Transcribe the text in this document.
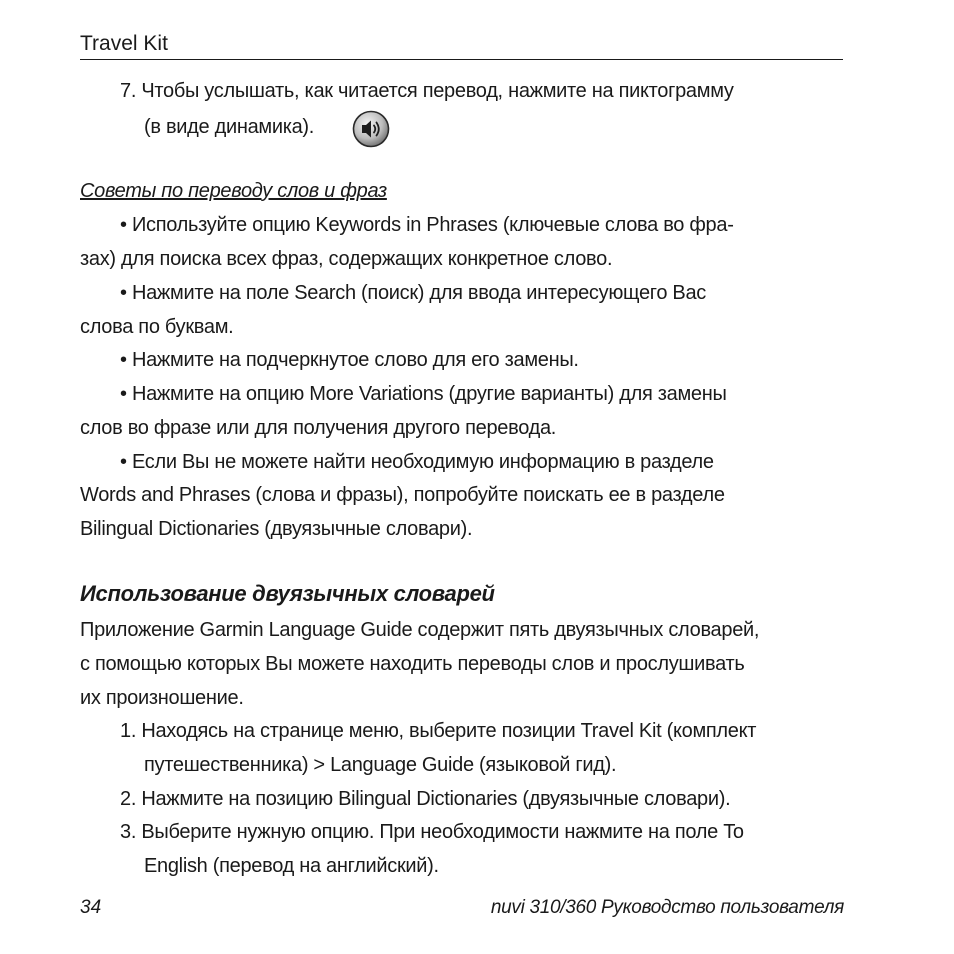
Travel Kit
7. Чтобы услышать, как читается перевод, нажмите на пиктограмму
(в виде динамика).
Советы по переводу слов и фраз
• Используйте опцию Keywords in Phrases (ключевые слова во фра-
зах) для поиска всех фраз, содержащих конкретное слово.
• Нажмите на поле Search (поиск) для ввода интересующего Вас
слова по буквам.
• Нажмите на подчеркнутое слово для его замены.
• Нажмите на опцию More Variations (другие варианты) для замены
слов во фразе или для получения другого перевода.
• Если Вы не можете найти необходимую информацию в разделе
Words and Phrases (слова и фразы), попробуйте поискать ее в разделе
Bilingual Dictionaries (двуязычные словари).
Использование двуязычных словарей
Приложение Garmin Language Guide содержит пять двуязычных словарей,
с помощью которых Вы можете находить переводы слов и прослушивать
их произношение.
1. Находясь на странице меню, выберите позиции Travel Kit (комплект
путешественника) > Language Guide (языковой гид).
2. Нажмите на позицию Bilingual Dictionaries (двуязычные словари).
3. Выберите нужную опцию. При необходимости нажмите на поле To
English (перевод на английский).
34	nuvi 310/360 Руководство пользователя
